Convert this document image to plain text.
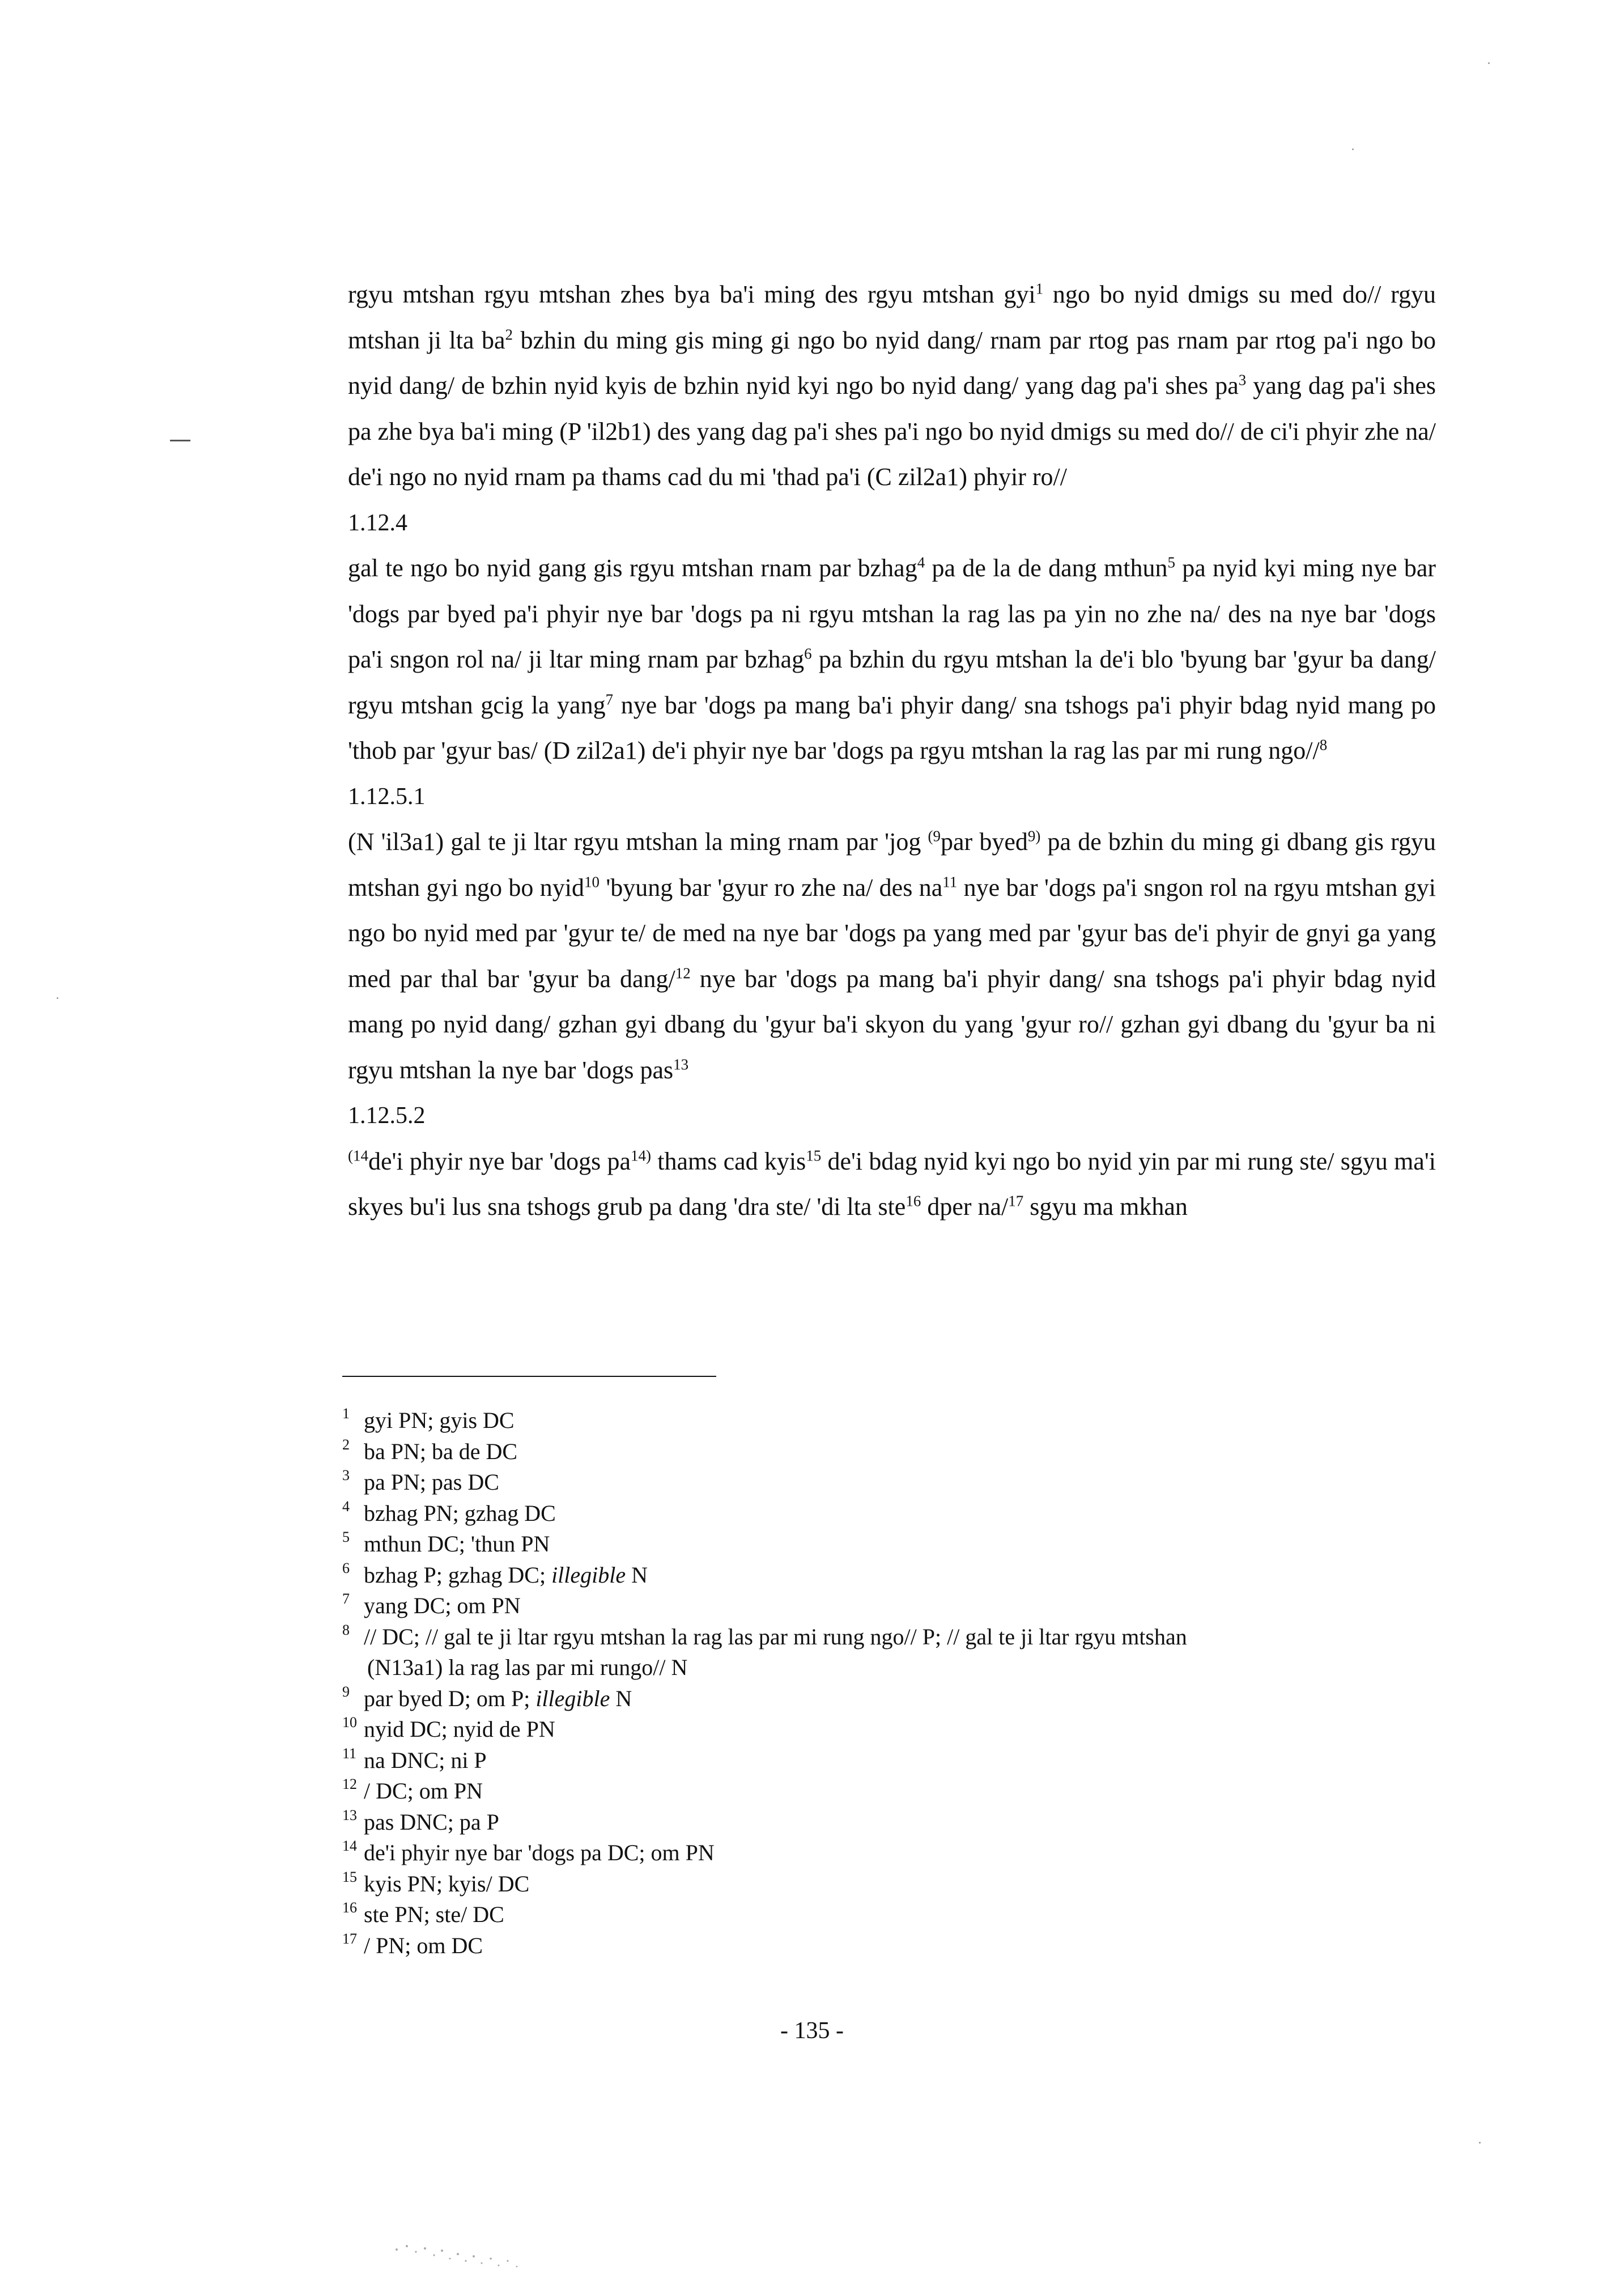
rgyu mtshan rgyu mtshan zhes bya ba'i ming des rgyu mtshan gyi$^1$ ngo bo nyid dmigs su med do// rgyu mtshan ji lta $ba^2$ bzhin du ming gis ming gi ngo bo nyid dang/ rnam par rtog pas rnam par rtog pa'i ngo bo nyid dang/ de bzhin nyid kyis de bzhin nyid kyi ngo bo nyid dang/ yang dag pa'i shes $pa^3$ yang dag pa'i shes pa zhe bya ba'i ming (P 'il2b1) des yang dag pa'i shes pa'i ngo bo nyid dmigs su med do// de ci'i phyir zhe na/ de'i ngo no nyid rnam pa thams cad du mi 'thad pa'i (C zil2a1) phyir ro//

1.12.4

gal te ngo bo nyid gang gis rgyu mtshan rnam par bzhag$^4$ pa de la de dang mthun$^5$ pa nyid kyi ming nye bar 'dogs par byed pa'i phyir nye bar 'dogs pa ni rgyu mtshan la rag las pa yin no zhe na/ des na nye bar 'dogs pa'i sngon rol na/ ji ltar ming rnam par bzhag$^6$ pa bzhin du rgyu mtshan la de'i blo 'byung bar 'gyur ba dang/ rgyu mtshan gcig la yang$^7$ nye bar 'dogs pa mang ba'i phyir dang/ sna tshogs pa'i phyir bdag nyid mang po 'thob par 'gyur bas/ (D zil2a1) de'i phyir nye bar 'dogs pa rgyu mtshan la rag las par mi rung ngo//$^8$

1.12.5.1

(N 'il3a1) gal te ji ltar rgyu mtshan la ming rnam par 'jog $^{(9}$par byed$^{9)}$ pa de bzhin du ming gi dbang gis rgyu mtshan gyi ngo bo nyid$^{10}$ 'byung bar 'gyur ro zhe na/ des $na^{11}$ nye bar 'dogs pa'i sngon rol na rgyu mtshan gyi ngo bo nyid med par 'gyur te/ de med na nye bar 'dogs pa yang med par 'gyur bas de'i phyir de gnyi ga yang med par thal bar 'gyur ba dang/$^{12}$ nye bar 'dogs pa mang ba'i phyir dang/ sna tshogs pa'i phyir bdag nyid mang po nyid dang/ gzhan gyi dbang du 'gyur ba'i skyon du yang 'gyur ro// gzhan gyi dbang du 'gyur ba ni rgyu mtshan la nye bar 'dogs pas$^{13}$

1.12.5.2

$^{(14}$de'i phyir nye bar 'dogs $pa^{14)}$ thams cad kyis$^{15}$ de'i bdag nyid kyi ngo bo nyid yin par mi rung ste/ sgyu ma'i skyes bu'i lus sna tshogs grub pa dang 'dra ste/ 'di lta ste$^{16}$ dper na/$^{17}$ sgyu ma mkhan

1 gyi PN; gyis DC
2 ba PN; ba de DC
3 pa PN; pas DC
4 bzhag PN; gzhag DC
5 mthun DC; 'thun PN
6 bzhag P; gzhag DC; illegible N
7 yang DC; om PN
8 // DC; // gal te ji ltar rgyu mtshan la rag las par mi rung ngo// P; // gal te ji ltar rgyu mtshan
(N13a1) la rag las par mi rungo// N
9 par byed D; om P; illegible N
10 nyid DC; nyid de PN
11 na DNC; ni P
12 / DC; om PN
13 pas DNC; pa P
14 de'i phyir nye bar 'dogs pa DC; om PN
15 kyis PN; kyis/ DC
16 ste PN; ste/ DC
17 / PN; om DC
- 135 -
